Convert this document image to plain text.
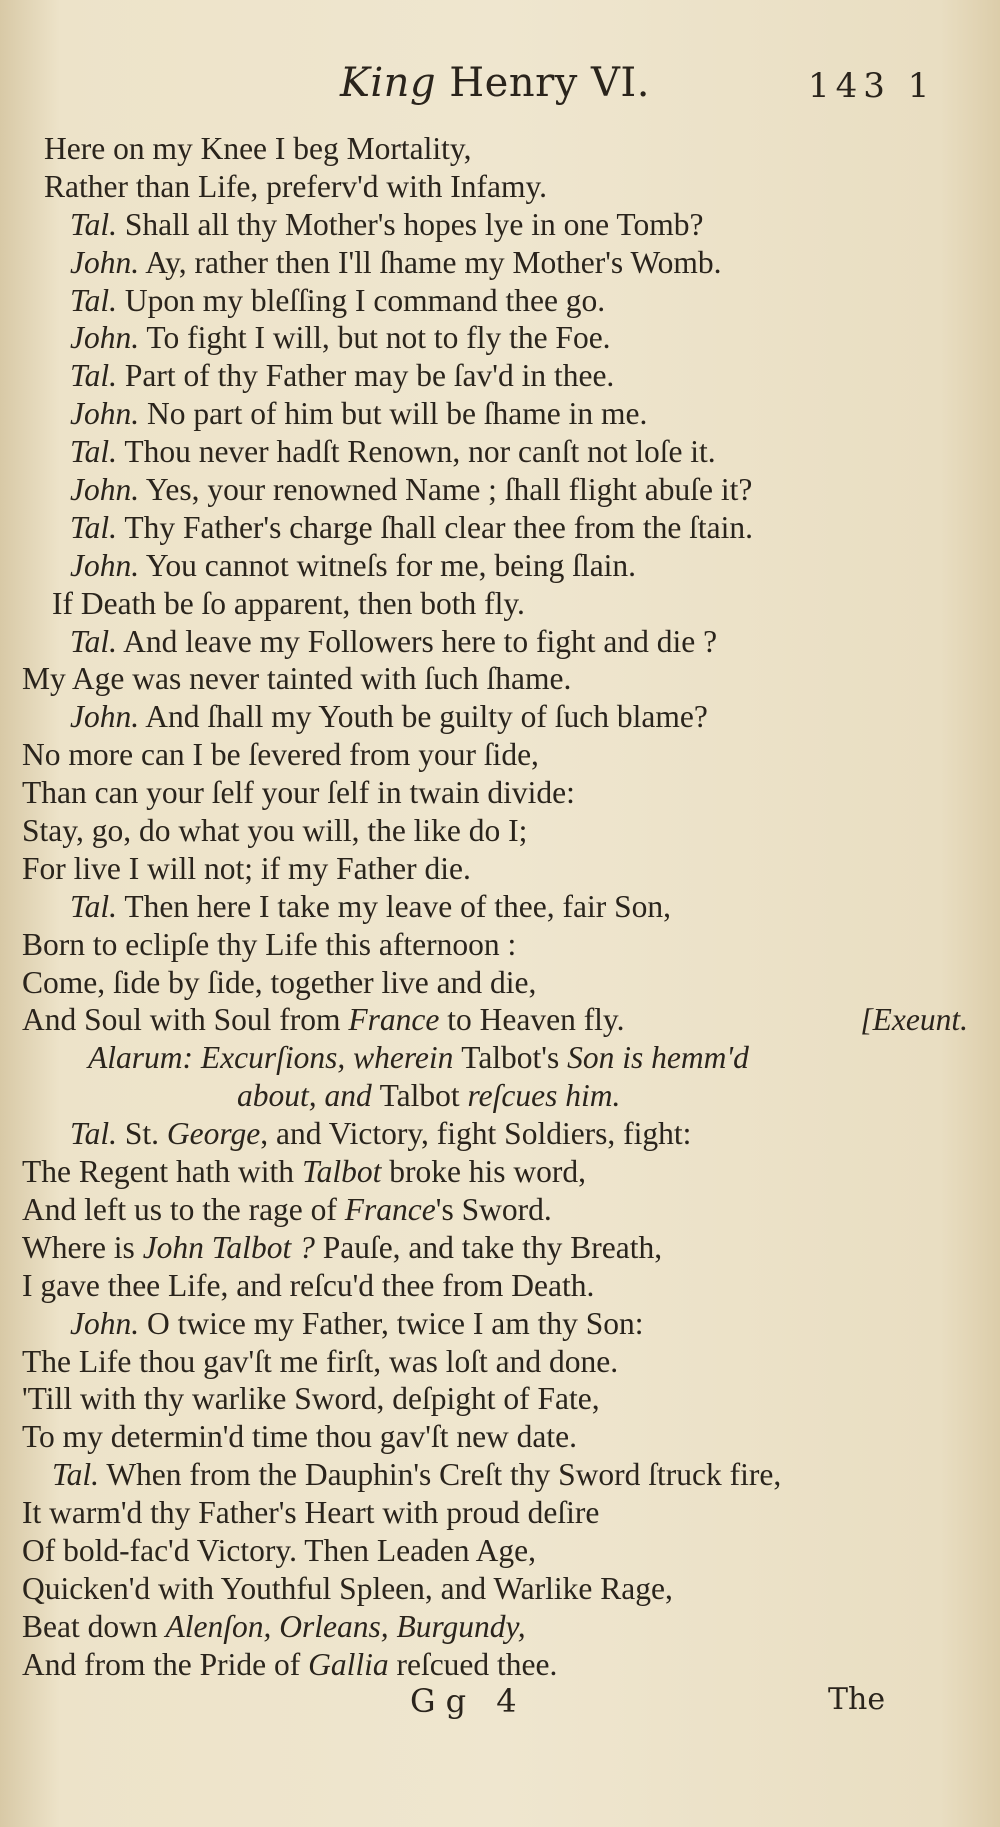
King Henry VI.	143 1
Here on my Knee I beg Mortality,
Rather than Life, preferv'd with Infamy.
Tal. Shall all thy Mother's hopes lye in one Tomb?
John. Ay, rather then I'll ſhame my Mother's Womb.
Tal. Upon my bleſſing I command thee go.
John. To fight I will, but not to fly the Foe.
Tal. Part of thy Father may be ſav'd in thee.
John. No part of him but will be ſhame in me.
Tal. Thou never hadſt Renown, nor canſt not loſe it.
John. Yes, your renowned Name ; ſhall flight abuſe it?
Tal. Thy Father's charge ſhall clear thee from the ſtain.
John. You cannot witneſs for me, being ſlain.
If Death be ſo apparent, then both fly.
Tal. And leave my Followers here to fight and die ?
My Age was never tainted with ſuch ſhame.
John. And ſhall my Youth be guilty of ſuch blame?
No more can I be ſevered from your ſide,
Than can your ſelf your ſelf in twain divide:
Stay, go, do what you will, the like do I;
For live I will not; if my Father die.
Tal. Then here I take my leave of thee, fair Son,
Born to eclipſe thy Life this afternoon :
Come, ſide by ſide, together live and die,
[Exeunt.
And Soul with Soul from France to Heaven fly.
Alarum: Excurſions, wherein Talbot's Son is hemm'd
about, and Talbot reſcues him.
Tal. St. George, and Victory, fight Soldiers, fight:
The Regent hath with Talbot broke his word,
And left us to the rage of France's Sword.
Where is John Talbot ? Pauſe, and take thy Breath,
I gave thee Life, and reſcu'd thee from Death.
John. O twice my Father, twice I am thy Son:
The Life thou gav'ſt me firſt, was loſt and done.
'Till with thy warlike Sword, deſpight of Fate,
To my determin'd time thou gav'ſt new date.
Tal. When from the Dauphin's Creſt thy Sword ſtruck fire,
It warm'd thy Father's Heart with proud deſire
Of bold-fac'd Victory. Then Leaden Age,
Quicken'd with Youthful Spleen, and Warlike Rage,
Beat down Alenſon, Orleans, Burgundy,
And from the Pride of Gallia reſcued thee.
Gg 4	The
